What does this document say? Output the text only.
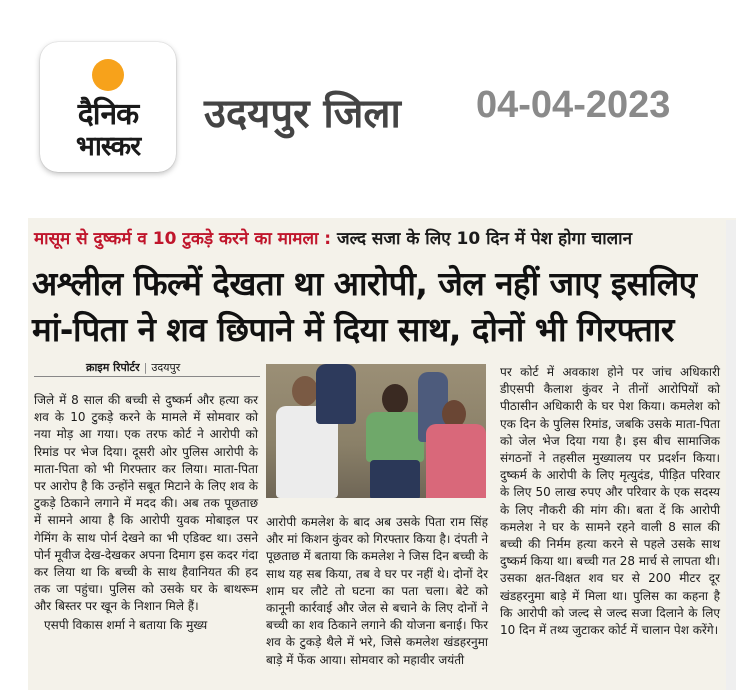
दैनिक
भास्कर
उदयपुर जिला 04-04-2023
मासूम से दुष्कर्म व 10 टुकड़े करने का मामला : जल्द सजा के लिए 10 दिन में पेश होगा चालान
अश्लील फिल्में देखता था आरोपी, जेल नहीं जाए इसलिए
मां-पिता ने शव छिपाने में दिया साथ, दोनों भी गिरफ्तार
क्राइम रिपोर्टर | उदयपुर

जिले में 8 साल की बच्ची से दुष्कर्म और हत्या कर शव के 10 टुकड़े करने के मामले में सोमवार को नया मोड़ आ गया। एक तरफ कोर्ट ने आरोपी को रिमांड पर भेज दिया। दूसरी ओर पुलिस आरोपी के माता-पिता को भी गिरफ्तार कर लिया। माता-पिता पर आरोप है कि उन्होंने सबूत मिटाने के लिए शव के टुकड़े ठिकाने लगाने में मदद की। अब तक पूछताछ में सामने आया है कि आरोपी युवक मोबाइल पर गेमिंग के साथ पोर्न देखने का भी एडिक्ट था। उसने पोर्न मूवीज देख-देखकर अपना दिमाग इस कदर गंदा कर लिया था कि बच्ची के साथ हैवानियत की हद तक जा पहुंचा। पुलिस को उसके घर के बाथरूम और बिस्तर पर खून के निशान मिले हैं।

एसपी विकास शर्मा ने बताया कि मुख्य

आरोपी कमलेश के बाद अब उसके पिता राम सिंह और मां किशन कुंवर को गिरफ्तार किया है। दंपती ने पूछताछ में बताया कि कमलेश ने जिस दिन बच्ची के साथ यह सब किया, तब वे घर पर नहीं थे। दोनों देर शाम घर लौटे तो घटना का पता चला। बेटे को कानूनी कार्रवाई और जेल से बचाने के लिए दोनों ने बच्ची का शव ठिकाने लगाने की योजना बनाई। फिर शव के टुकड़े थैले में भरे, जिसे कमलेश खंडहरनुमा बाड़े में फेंक आया। सोमवार को महावीर जयंती

पर कोर्ट में अवकाश होने पर जांच अधिकारी डीएसपी कैलाश कुंवर ने तीनों आरोपियों को पीठासीन अधिकारी के घर पेश किया। कमलेश को एक दिन के पुलिस रिमांड, जबकि उसके माता-पिता को जेल भेज दिया गया है। इस बीच सामाजिक संगठनों ने तहसील मुख्यालय पर प्रदर्शन किया। दुष्कर्म के आरोपी के लिए मृत्युदंड, पीड़ित परिवार के लिए 50 लाख रुपए और परिवार के एक सदस्य के लिए नौकरी की मांग की। बता दें कि आरोपी कमलेश ने घर के सामने रहने वाली 8 साल की बच्ची की निर्मम हत्या करने से पहले उसके साथ दुष्कर्म किया था। बच्ची गत 28 मार्च से लापता थी। उसका क्षत-विक्षत शव घर से 200 मीटर दूर खंडहरनुमा बाड़े में मिला था। पुलिस का कहना है कि आरोपी को जल्द से जल्द सजा दिलाने के लिए 10 दिन में तथ्य जुटाकर कोर्ट में चालान पेश करेंगे।
